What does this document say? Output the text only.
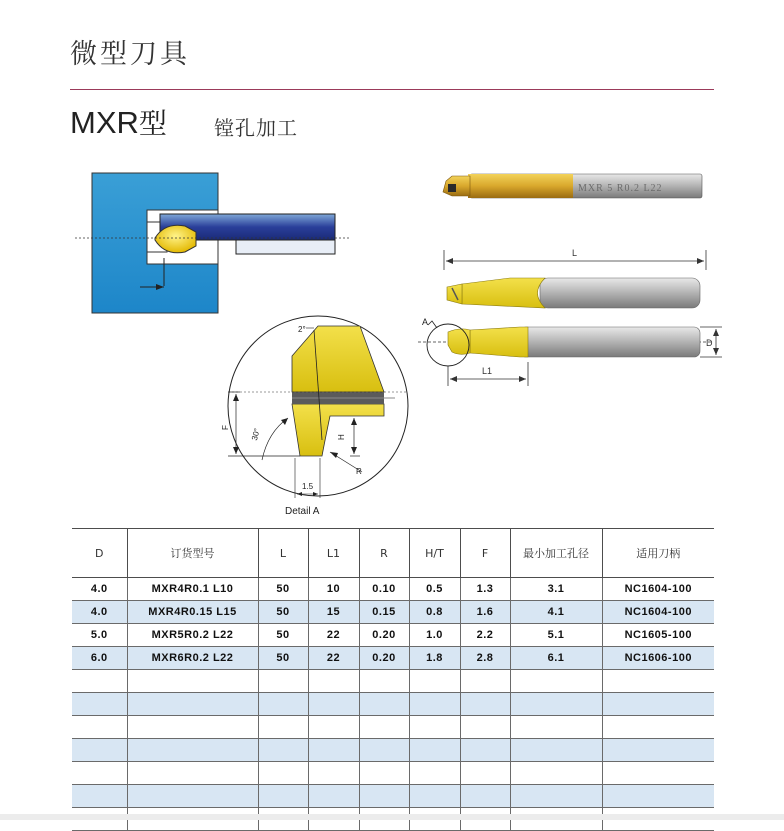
微型刀具
MXR型 镗孔加工
MXR 5 R0.2 L22
L
A
L1
D
2°
F 30°	H
R
1.5
Detail A
D	订货型号	L	L1	R	H/T	F	最小加工孔径	适用刀柄
4.0	MXR4R0.1 L10	50	10	0.10	0.5	1.3	3.1	NC1604-100
4.0	MXR4R0.15 L15	50	15	0.15	0.8	1.6	4.1	NC1604-100
5.0	MXR5R0.2 L22	50	22	0.20	1.0	2.2	5.1	NC1605-100
6.0	MXR6R0.2 L22	50	22	0.20	1.8	2.8	6.1	NC1606-100
